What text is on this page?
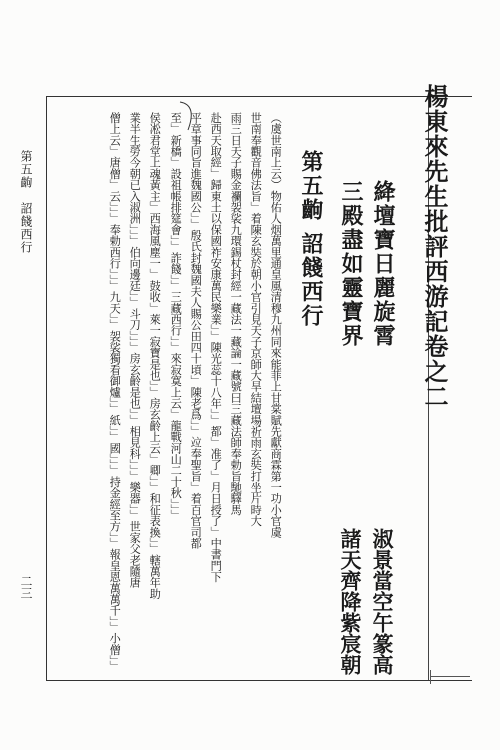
楊東來先生批評西游記卷之二
絳壇寶日麗旋霄
三殿盡如靈寶界
淑景當空午篆高
諸天齊降紫宸朝
第五齣
詔餞西行
（虞世南上云）物佑人烟萬里通皇風清穆九州同來能菲上甘棠賦先獻商霖第一功小官虞
世南奉觀音佛法旨」着陳玄奘於朝小官引見天子京師大旱結壇場祈雨玄奘打坐片時大
雨三日天子賜金襴袈裟九環錫杖封經一藏法一藏論一藏號曰三藏法師奉勅旨馳驛馬
赴西天取經」歸東土以保國祚安康萬民樂業」」陳光蕊十八年」」都」准了」月日授了」中書門下
平章事同旨進魏國公」」殷氏封魏國夫人賜公田四十頃」陳老爲」」竝奉聖旨」着百官司都
至」新橋」設祖帳排筵會」」詐餞」」三藏西行」」來寂寞上云」龍戰河山二十秋」」」
侯凇君堂上魂黃主」西海風塵一」鼓收」萊一寂寶是也」」房玄齡上云」卿」」和征表換」」轄萬年助
業半生勞今朝已入淑洲」」」伯向邊廷」」斗刀」」」房玄齡是也」」相見科」」」樂器」」世家父老隨唐
僧上云」唐僧」云」」」奉勅西行」」」九天」」袈裟獨看御爐」」紙」」國」」」持金經至方」」報皇恩萬萬千」」小僧」」
第五齣　詔餞西行
二三
